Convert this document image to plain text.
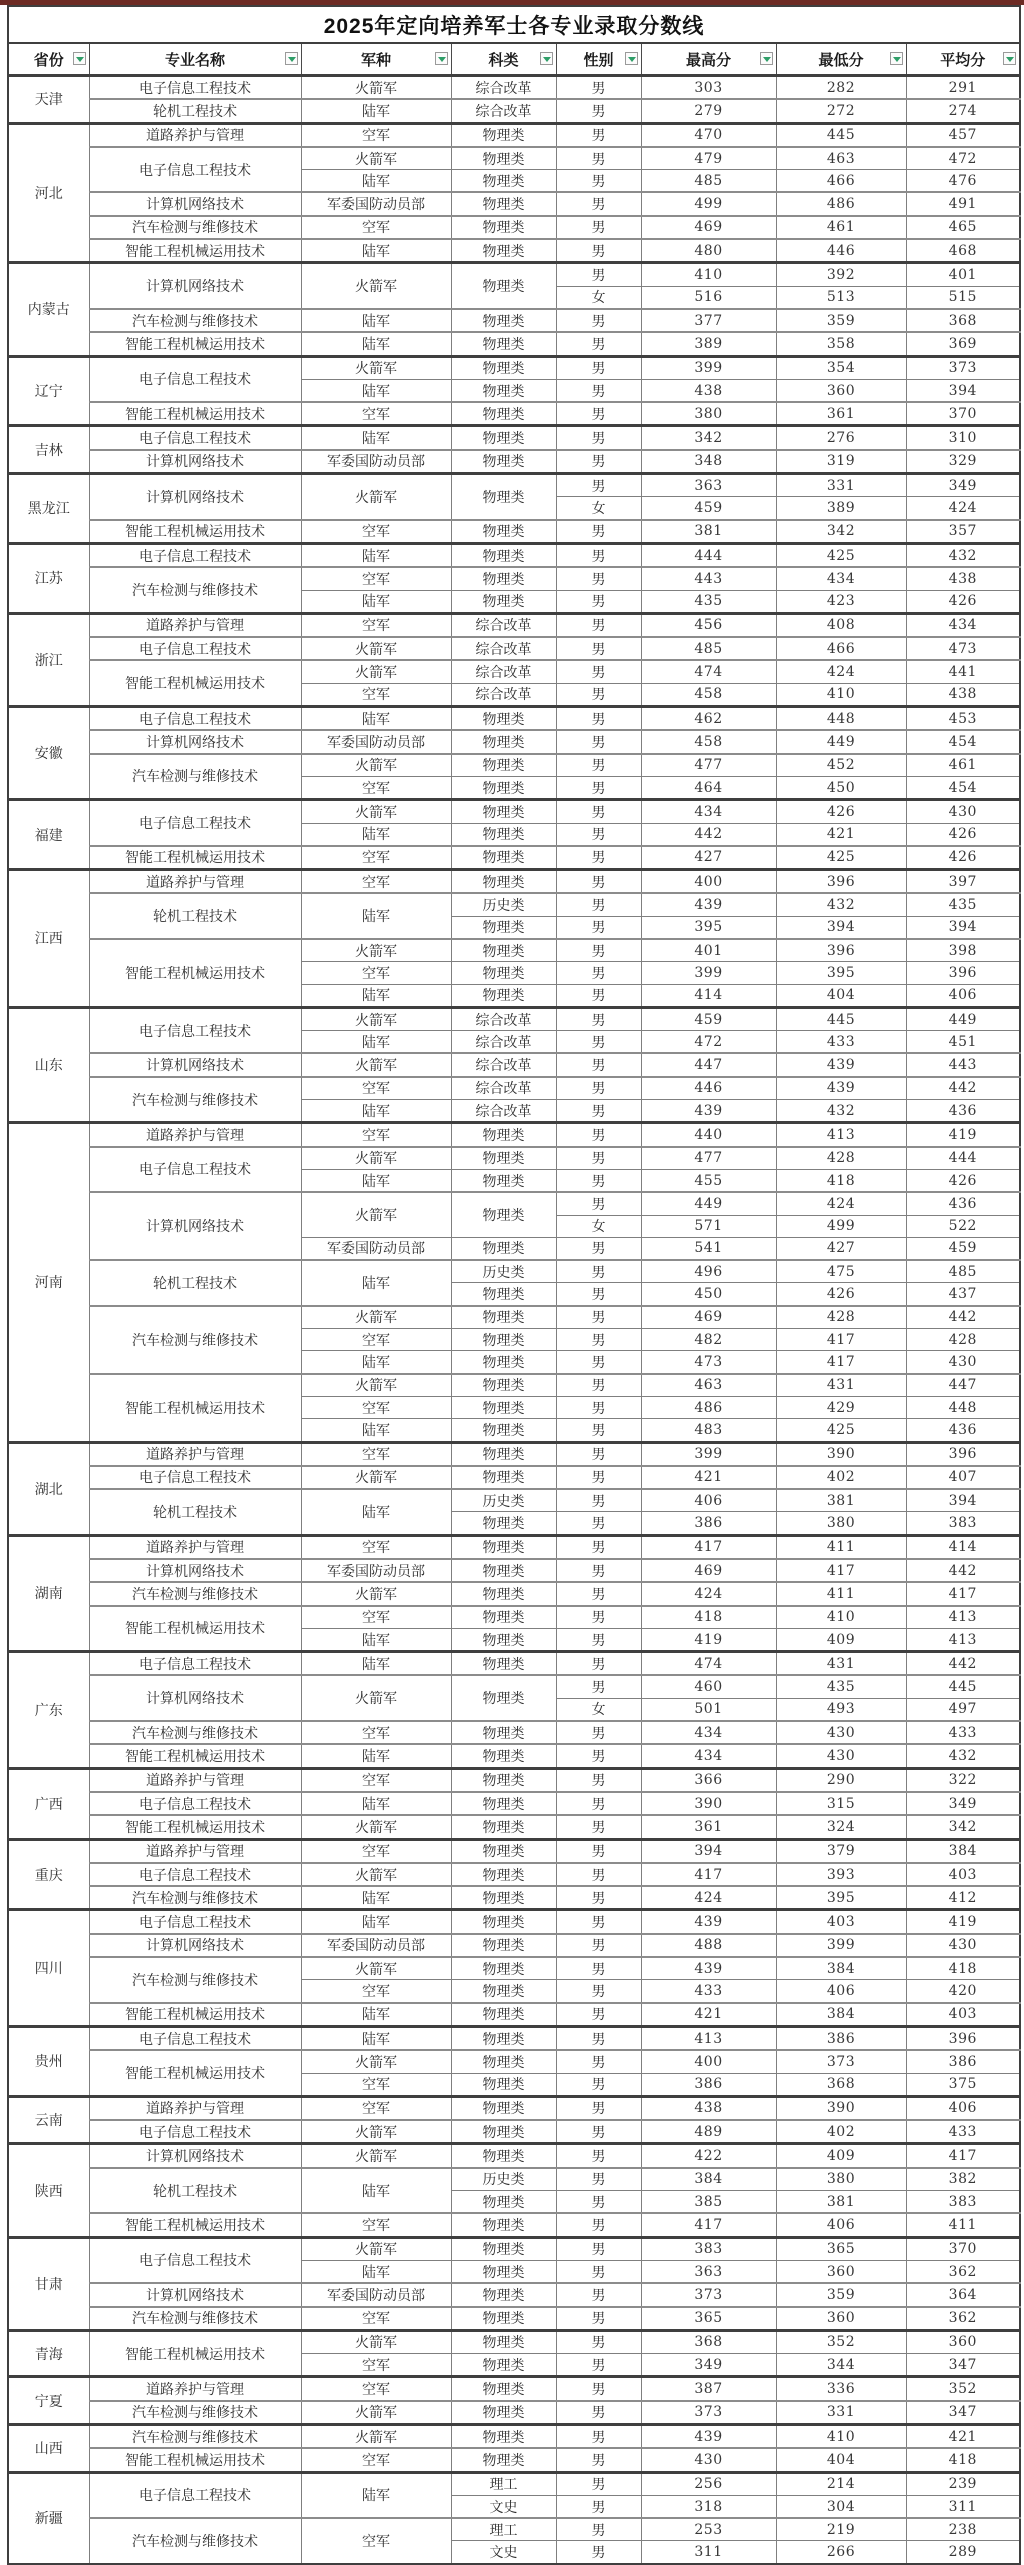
2025年定向培养军士各专业录取分数线							
省份	专业名称	军种	科类	性别	最高分	最低分	平均分

天津	电子信息工程技术	火箭军	综合改革	男	303	282	291
	轮机工程技术	陆军	综合改革	男	279	272	274
河北	道路养护与管理	空军	物理类	男	470	445	457
	电子信息工程技术	火箭军	物理类	男	479	463	472
		陆军	物理类	男	485	466	476
	计算机网络技术	军委国防动员部	物理类	男	499	486	491
	汽车检测与维修技术	空军	物理类	男	469	461	465
	智能工程机械运用技术	陆军	物理类	男	480	446	468
内蒙古	计算机网络技术	火箭军	物理类	男	410	392	401
				女	516	513	515
	汽车检测与维修技术	陆军	物理类	男	377	359	368
	智能工程机械运用技术	陆军	物理类	男	389	358	369
辽宁	电子信息工程技术	火箭军	物理类	男	399	354	373
		陆军	物理类	男	438	360	394
	智能工程机械运用技术	空军	物理类	男	380	361	370
吉林	电子信息工程技术	陆军	物理类	男	342	276	310
	计算机网络技术	军委国防动员部	物理类	男	348	319	329
黑龙江	计算机网络技术	火箭军	物理类	男	363	331	349
				女	459	389	424
	智能工程机械运用技术	空军	物理类	男	381	342	357
江苏	电子信息工程技术	陆军	物理类	男	444	425	432
	汽车检测与维修技术	空军	物理类	男	443	434	438
		陆军	物理类	男	435	423	426
浙江	道路养护与管理	空军	综合改革	男	456	408	434
	电子信息工程技术	火箭军	综合改革	男	485	466	473
	智能工程机械运用技术	火箭军	综合改革	男	474	424	441
		空军	综合改革	男	458	410	438
安徽	电子信息工程技术	陆军	物理类	男	462	448	453
	计算机网络技术	军委国防动员部	物理类	男	458	449	454
	汽车检测与维修技术	火箭军	物理类	男	477	452	461
		空军	物理类	男	464	450	454
福建	电子信息工程技术	火箭军	物理类	男	434	426	430
		陆军	物理类	男	442	421	426
	智能工程机械运用技术	空军	物理类	男	427	425	426
江西	道路养护与管理	空军	物理类	男	400	396	397
	轮机工程技术	陆军	历史类	男	439	432	435
			物理类	男	395	394	394
	智能工程机械运用技术	火箭军	物理类	男	401	396	398
		空军	物理类	男	399	395	396
		陆军	物理类	男	414	404	406
山东	电子信息工程技术	火箭军	综合改革	男	459	445	449
		陆军	综合改革	男	472	433	451
	计算机网络技术	火箭军	综合改革	男	447	439	443
	汽车检测与维修技术	空军	综合改革	男	446	439	442
		陆军	综合改革	男	439	432	436
河南	道路养护与管理	空军	物理类	男	440	413	419
	电子信息工程技术	火箭军	物理类	男	477	428	444
		陆军	物理类	男	455	418	426
	计算机网络技术	火箭军	物理类	男	449	424	436
				女	571	499	522
		军委国防动员部	物理类	男	541	427	459
	轮机工程技术	陆军	历史类	男	496	475	485
			物理类	男	450	426	437
	汽车检测与维修技术	火箭军	物理类	男	469	428	442
		空军	物理类	男	482	417	428
		陆军	物理类	男	473	417	430
	智能工程机械运用技术	火箭军	物理类	男	463	431	447
		空军	物理类	男	486	429	448
		陆军	物理类	男	483	425	436
湖北	道路养护与管理	空军	物理类	男	399	390	396
	电子信息工程技术	火箭军	物理类	男	421	402	407
	轮机工程技术	陆军	历史类	男	406	381	394
			物理类	男	386	380	383
湖南	道路养护与管理	空军	物理类	男	417	411	414
	计算机网络技术	军委国防动员部	物理类	男	469	417	442
	汽车检测与维修技术	火箭军	物理类	男	424	411	417
	智能工程机械运用技术	空军	物理类	男	418	410	413
		陆军	物理类	男	419	409	413
广东	电子信息工程技术	陆军	物理类	男	474	431	442
	计算机网络技术	火箭军	物理类	男	460	435	445
				女	501	493	497
	汽车检测与维修技术	空军	物理类	男	434	430	433
	智能工程机械运用技术	陆军	物理类	男	434	430	432
广西	道路养护与管理	空军	物理类	男	366	290	322
	电子信息工程技术	陆军	物理类	男	390	315	349
	智能工程机械运用技术	火箭军	物理类	男	361	324	342
重庆	道路养护与管理	空军	物理类	男	394	379	384
	电子信息工程技术	火箭军	物理类	男	417	393	403
	汽车检测与维修技术	陆军	物理类	男	424	395	412
四川	电子信息工程技术	陆军	物理类	男	439	403	419
	计算机网络技术	军委国防动员部	物理类	男	488	399	430
	汽车检测与维修技术	火箭军	物理类	男	439	384	418
		空军	物理类	男	433	406	420
	智能工程机械运用技术	陆军	物理类	男	421	384	403
贵州	电子信息工程技术	陆军	物理类	男	413	386	396
	智能工程机械运用技术	火箭军	物理类	男	400	373	386
		空军	物理类	男	386	368	375
云南	道路养护与管理	空军	物理类	男	438	390	406
	电子信息工程技术	火箭军	物理类	男	489	402	433
陕西	计算机网络技术	火箭军	物理类	男	422	409	417
	轮机工程技术	陆军	历史类	男	384	380	382
			物理类	男	385	381	383
	智能工程机械运用技术	空军	物理类	男	417	406	411
甘肃	电子信息工程技术	火箭军	物理类	男	383	365	370
		陆军	物理类	男	363	360	362
	计算机网络技术	军委国防动员部	物理类	男	373	359	364
	汽车检测与维修技术	空军	物理类	男	365	360	362
青海	智能工程机械运用技术	火箭军	物理类	男	368	352	360
		空军	物理类	男	349	344	347
宁夏	道路养护与管理	空军	物理类	男	387	336	352
	汽车检测与维修技术	火箭军	物理类	男	373	331	347
山西	汽车检测与维修技术	火箭军	物理类	男	439	410	421
	智能工程机械运用技术	空军	物理类	男	430	404	418
新疆	电子信息工程技术	陆军	理工	男	256	214	239
			文史	男	318	304	311
	汽车检测与维修技术	空军	理工	男	253	219	238
			文史	男	311	266	289
